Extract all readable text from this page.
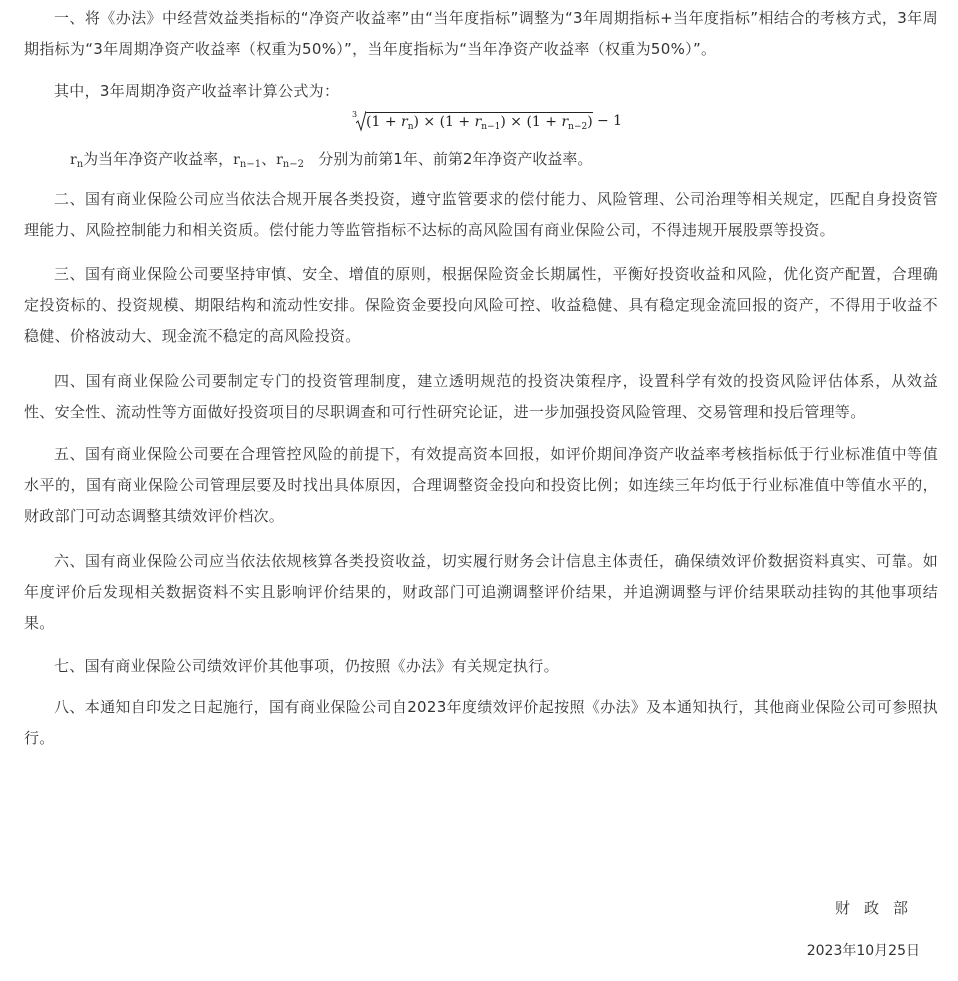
一、将《办法》中经营效益类指标的“净资产收益率”由“当年度指标”调整为“3年周期指标+当年度指标”相结合的考核方式，3年周期指标为“3年周期净资产收益率（权重为50%）”，当年度指标为“当年净资产收益率（权重为50%）”。

其中，3年周期净资产收益率计算公式为：

3 $(1 + r_n) \times (1 + r_{n-1}) \times (1 + r_{n-2}) - 1$
$r_n$为当年净资产收益率，$r_{n-1}$、$r_{n-2}$ 分别为前第1年、前第2年净资产收益率。

二、国有商业保险公司应当依法合规开展各类投资，遵守监管要求的偿付能力、风险管理、公司治理等相关规定，匹配自身投资管理能力、风险控制能力和相关资质。偿付能力等监管指标不达标的高风险国有商业保险公司，不得违规开展股票等投资。

三、国有商业保险公司要坚持审慎、安全、增值的原则，根据保险资金长期属性，平衡好投资收益和风险，优化资产配置，合理确定投资标的、投资规模、期限结构和流动性安排。保险资金要投向风险可控、收益稳健、具有稳定现金流回报的资产，不得用于收益不稳健、价格波动大、现金流不稳定的高风险投资。

四、国有商业保险公司要制定专门的投资管理制度，建立透明规范的投资决策程序，设置科学有效的投资风险评估体系，从效益性、安全性、流动性等方面做好投资项目的尽职调查和可行性研究论证，进一步加强投资风险管理、交易管理和投后管理等。

五、国有商业保险公司要在合理管控风险的前提下，有效提高资本回报，如评价期间净资产收益率考核指标低于行业标准值中等值水平的，国有商业保险公司管理层要及时找出具体原因，合理调整资金投向和投资比例；如连续三年均低于行业标准值中等值水平的，财政部门可动态调整其绩效评价档次。

六、国有商业保险公司应当依法依规核算各类投资收益，切实履行财务会计信息主体责任，确保绩效评价数据资料真实、可靠。如年度评价后发现相关数据资料不实且影响评价结果的，财政部门可追溯调整评价结果，并追溯调整与评价结果联动挂钩的其他事项结果。

七、国有商业保险公司绩效评价其他事项，仍按照《办法》有关规定执行。

八、本通知自印发之日起施行，国有商业保险公司自2023年度绩效评价起按照《办法》及本通知执行，其他商业保险公司可参照执行。

财政部
2023年10月25日
